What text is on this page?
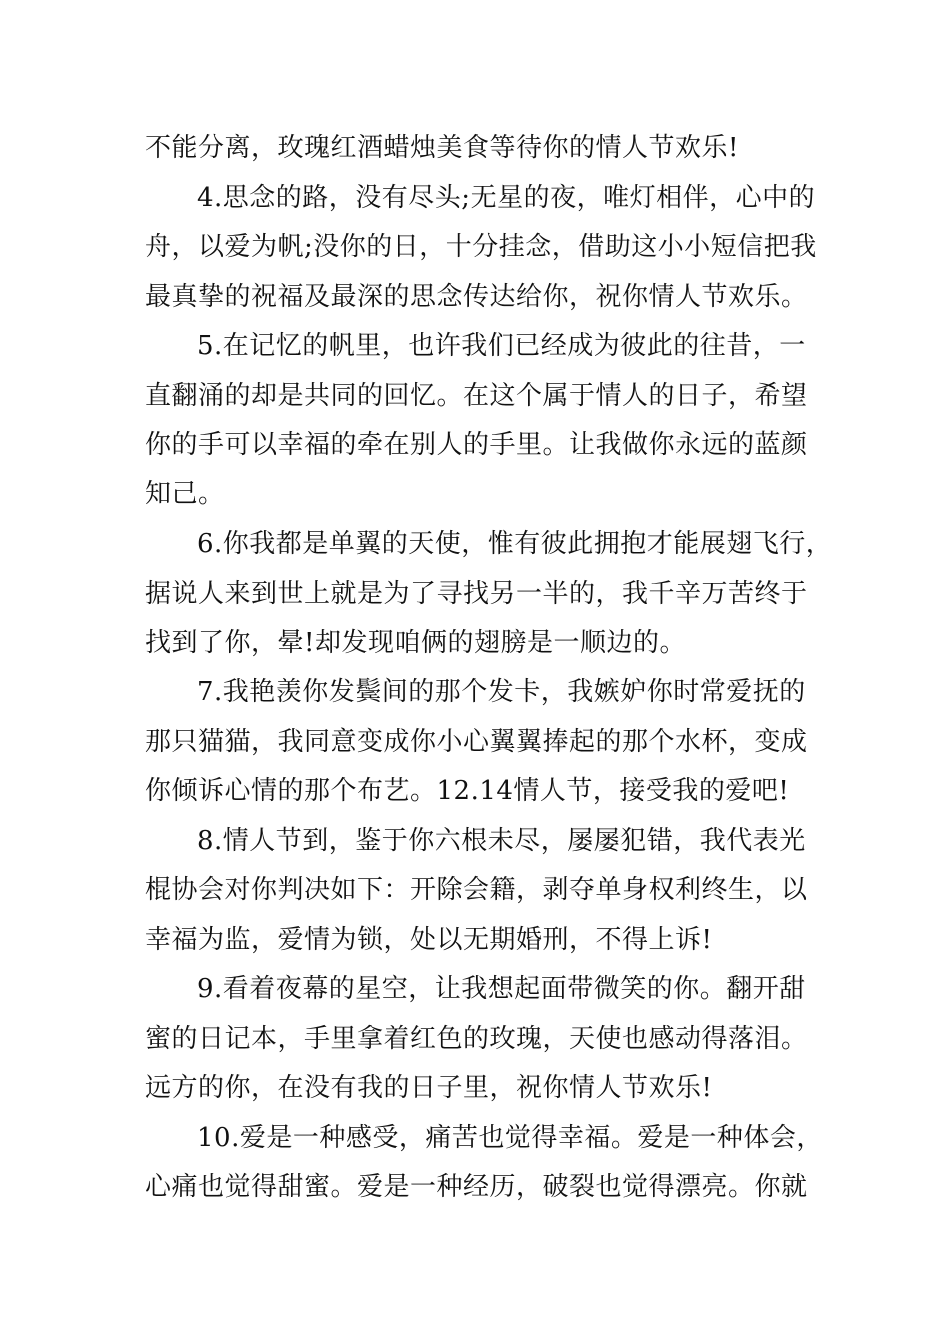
不能分离，玫瑰红酒蜡烛美食等待你的情人节欢乐!
4.思念的路，没有尽头;无星的夜，唯灯相伴，心中的
舟，以爱为帆;没你的日，十分挂念，借助这小小短信把我
最真挚的祝福及最深的思念传达给你，祝你情人节欢乐。
5.在记忆的帆里，也许我们已经成为彼此的往昔，一
直翻涌的却是共同的回忆。在这个属于情人的日子，希望
你的手可以幸福的牵在别人的手里。让我做你永远的蓝颜
知己。
6.你我都是单翼的天使，惟有彼此拥抱才能展翅飞行，
据说人来到世上就是为了寻找另一半的，我千辛万苦终于
找到了你，晕!却发现咱俩的翅膀是一顺边的。
7.我艳羡你发鬓间的那个发卡，我嫉妒你时常爱抚的
那只猫猫，我同意变成你小心翼翼捧起的那个水杯，变成
你倾诉心情的那个布艺。12.14情人节，接受我的爱吧!
8.情人节到，鉴于你六根未尽，屡屡犯错，我代表光
棍协会对你判决如下：开除会籍，剥夺单身权利终生，以
幸福为监，爱情为锁，处以无期婚刑，不得上诉!
9.看着夜幕的星空，让我想起面带微笑的你。翻开甜
蜜的日记本，手里拿着红色的玫瑰，天使也感动得落泪。
远方的你，在没有我的日子里，祝你情人节欢乐!
10.爱是一种感受，痛苦也觉得幸福。爱是一种体会，
心痛也觉得甜蜜。爱是一种经历，破裂也觉得漂亮。你就
